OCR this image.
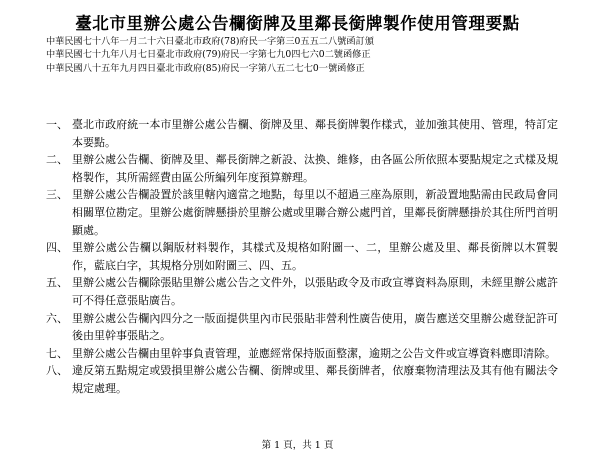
臺北市里辦公處公告欄銜牌及里鄰長銜牌製作使用管理要點
中華民國七十八年一月二十六日臺北市政府(78)府民一字第三0五五二八號函訂頒
中華民國七十九年八月七日臺北市政府(79)府民一字第七九0四七六0二號函修正
中華民國八十五年九月四日臺北市政府(85)府民一字第八五二七七0一號函修正
一、 臺北市政府統一本市里辦公處公告欄、銜牌及里、鄰長銜牌製作樣式，並加強其使用、管理，特訂定本要點。
二、 里辦公處公告欄、銜牌及里、鄰長銜牌之新設、汰換、維修，由各區公所依照本要點規定之式樣及規格製作，其所需經費由區公所編列年度預算辦理。
三、 里辦公處公告欄設置於該里轄內適當之地點，每里以不超過三座為原則，新設置地點需由民政局會同相關單位勘定。里辦公處銜牌懸掛於里辦公處或里聯合辦公處門首，里鄰長銜牌懸掛於其住所門首明顯處。
四、 里辦公處公告欄以鋼版材料製作，其樣式及規格如附圖一、二，里辦公處及里、鄰長銜牌以木質製作，藍底白字，其規格分別如附圖三、四、五。
五、 里辦公處公告欄除張貼里辦公處公告之文件外，以張貼政令及市政宣導資料為原則，未經里辦公處許可不得任意張貼廣告。
六、 里辦公處公告欄內四分之一版面提供里內市民張貼非營利性廣告使用，廣告應送交里辦公處登記許可後由里幹事張貼之。
七、 里辦公處公告欄由里幹事負責管理，並應經常保持版面整潔，逾期之公告文件或宣導資料應即清除。
八、 違反第五點規定或毀損里辦公處公告欄、銜牌或里、鄰長銜牌者，依廢棄物清理法及其有他有關法令規定處理。
第 1 頁，共 1 頁
